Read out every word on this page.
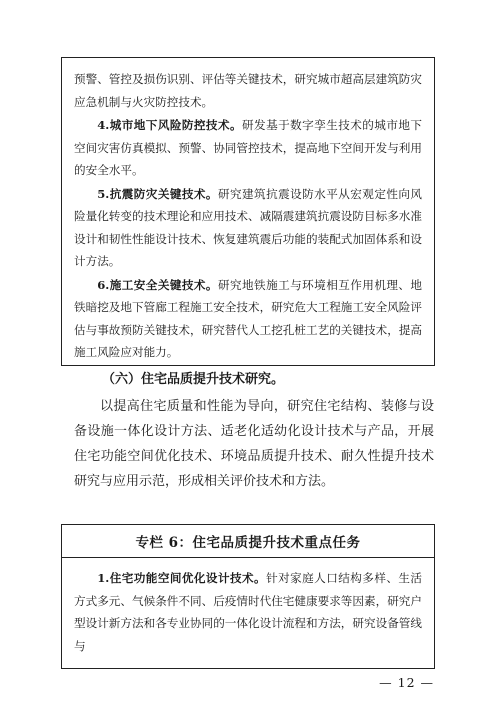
预警、管控及损伤识别、评估等关键技术，研究城市超高层建筑防灾应急机制与火灾防控技术。

4.城市地下风险防控技术。研发基于数字孪生技术的城市地下空间灾害仿真模拟、预警、协同管控技术，提高地下空间开发与利用的安全水平。

5.抗震防灾关键技术。研究建筑抗震设防水平从宏观定性向风险量化转变的技术理论和应用技术、减隔震建筑抗震设防目标多水准设计和韧性性能设计技术、恢复建筑震后功能的装配式加固体系和设计方法。

6.施工安全关键技术。研究地铁施工与环境相互作用机理、地铁暗挖及地下管廊工程施工安全技术，研究危大工程施工安全风险评估与事故预防关键技术，研究替代人工挖孔桩工艺的关键技术，提高施工风险应对能力。

（六）住宅品质提升技术研究。

以提高住宅质量和性能为导向，研究住宅结构、装修与设备设施一体化设计方法、适老化适幼化设计技术与产品，开展住宅功能空间优化技术、环境品质提升技术、耐久性提升技术研究与应用示范，形成相关评价技术和方法。

专栏 6：住宅品质提升技术重点任务

1.住宅功能空间优化设计技术。针对家庭人口结构多样、生活方式多元、气候条件不同、后疫情时代住宅健康要求等因素，研究户型设计新方法和各专业协同的一体化设计流程和方法，研究设备管线与

— 12 —
